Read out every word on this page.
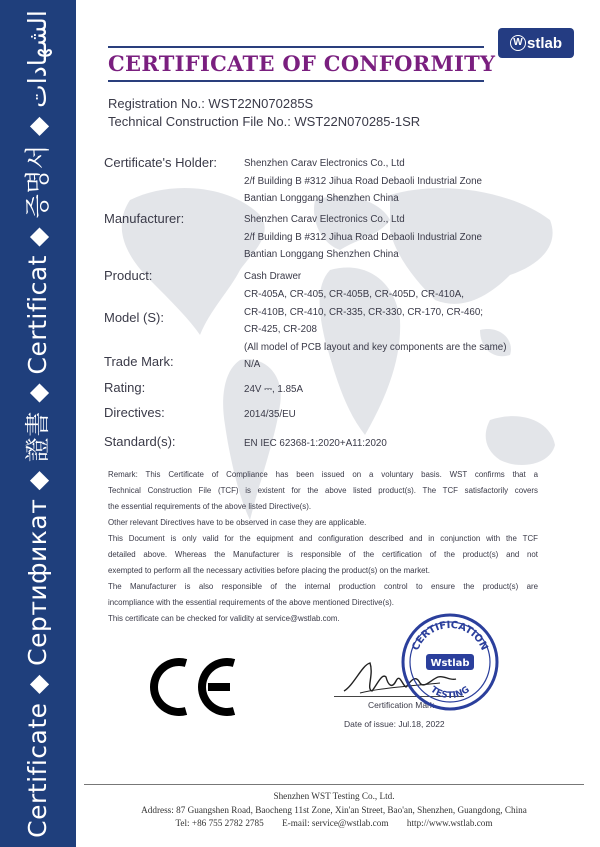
Certificate ◆ Сертификат ◆ 證書 ◆ Certificat ◆ 증명서 ◆ الشهادات	W stlab
CERTIFICATE OF CONFORMITY
Registration No.: WST22N070285S
Technical Construction File No.: WST22N070285-1SR
Certificate's Holder:	Shenzhen Carav Electronics Co., Ltd
2/f Building B #312 Jihua Road Debaoli Industrial Zone
Bantian Longgang Shenzhen China
Manufacturer:	Shenzhen Carav Electronics Co., Ltd
2/f Building B #312 Jihua Road Debaoli Industrial Zone
Bantian Longgang Shenzhen China
Product:	Cash Drawer
Model (S):
CR-405A, CR-405, CR-405B, CR-405D, CR-410A,
CR-410B, CR-410, CR-335, CR-330, CR-170, CR-460;
CR-425, CR-208
(All model of PCB layout and key components are the same)
Trade Mark:	N/A
Rating:	24V ⎓, 1.85A
Directives:	2014/35/EU
Standard(s):	EN IEC 62368-1:2020+A11:2020

Remark: This Certificate of Compliance has been issued on a voluntary basis. WST confirms that a

Technical Construction File (TCF) is existent for the above listed product(s). The TCF satisfactorily covers

the essential requirements of the above listed Directive(s).

Other relevant Directives have to be observed in case they are applicable.

This Document is only valid for the equipment and configuration described and in conjunction with the TCF

detailed above. Whereas the Manufacturer is responsible of the certification of the product(s) and not

exempted to perform all the necessary activities before placing the product(s) on the market.

The Manufacturer is also responsible of the internal production control to ensure the product(s) are

incompliance with the essential requirements of the above mentioned Directive(s).

This certificate can be checked for validity at service@wstlab.com.

Certification Mark
Date of issue: Jul.18, 2022
CERTIFICATION
TESTING
Wstlab
Shenzhen WST Testing Co., Ltd.
Address: 87 Guangshen Road, Baocheng 11st Zone, Xin'an Street, Bao'an, Shenzhen, Guangdong, China
Tel: +86 755 2782 2785        E-mail: service@wstlab.com        http://www.wstlab.com
